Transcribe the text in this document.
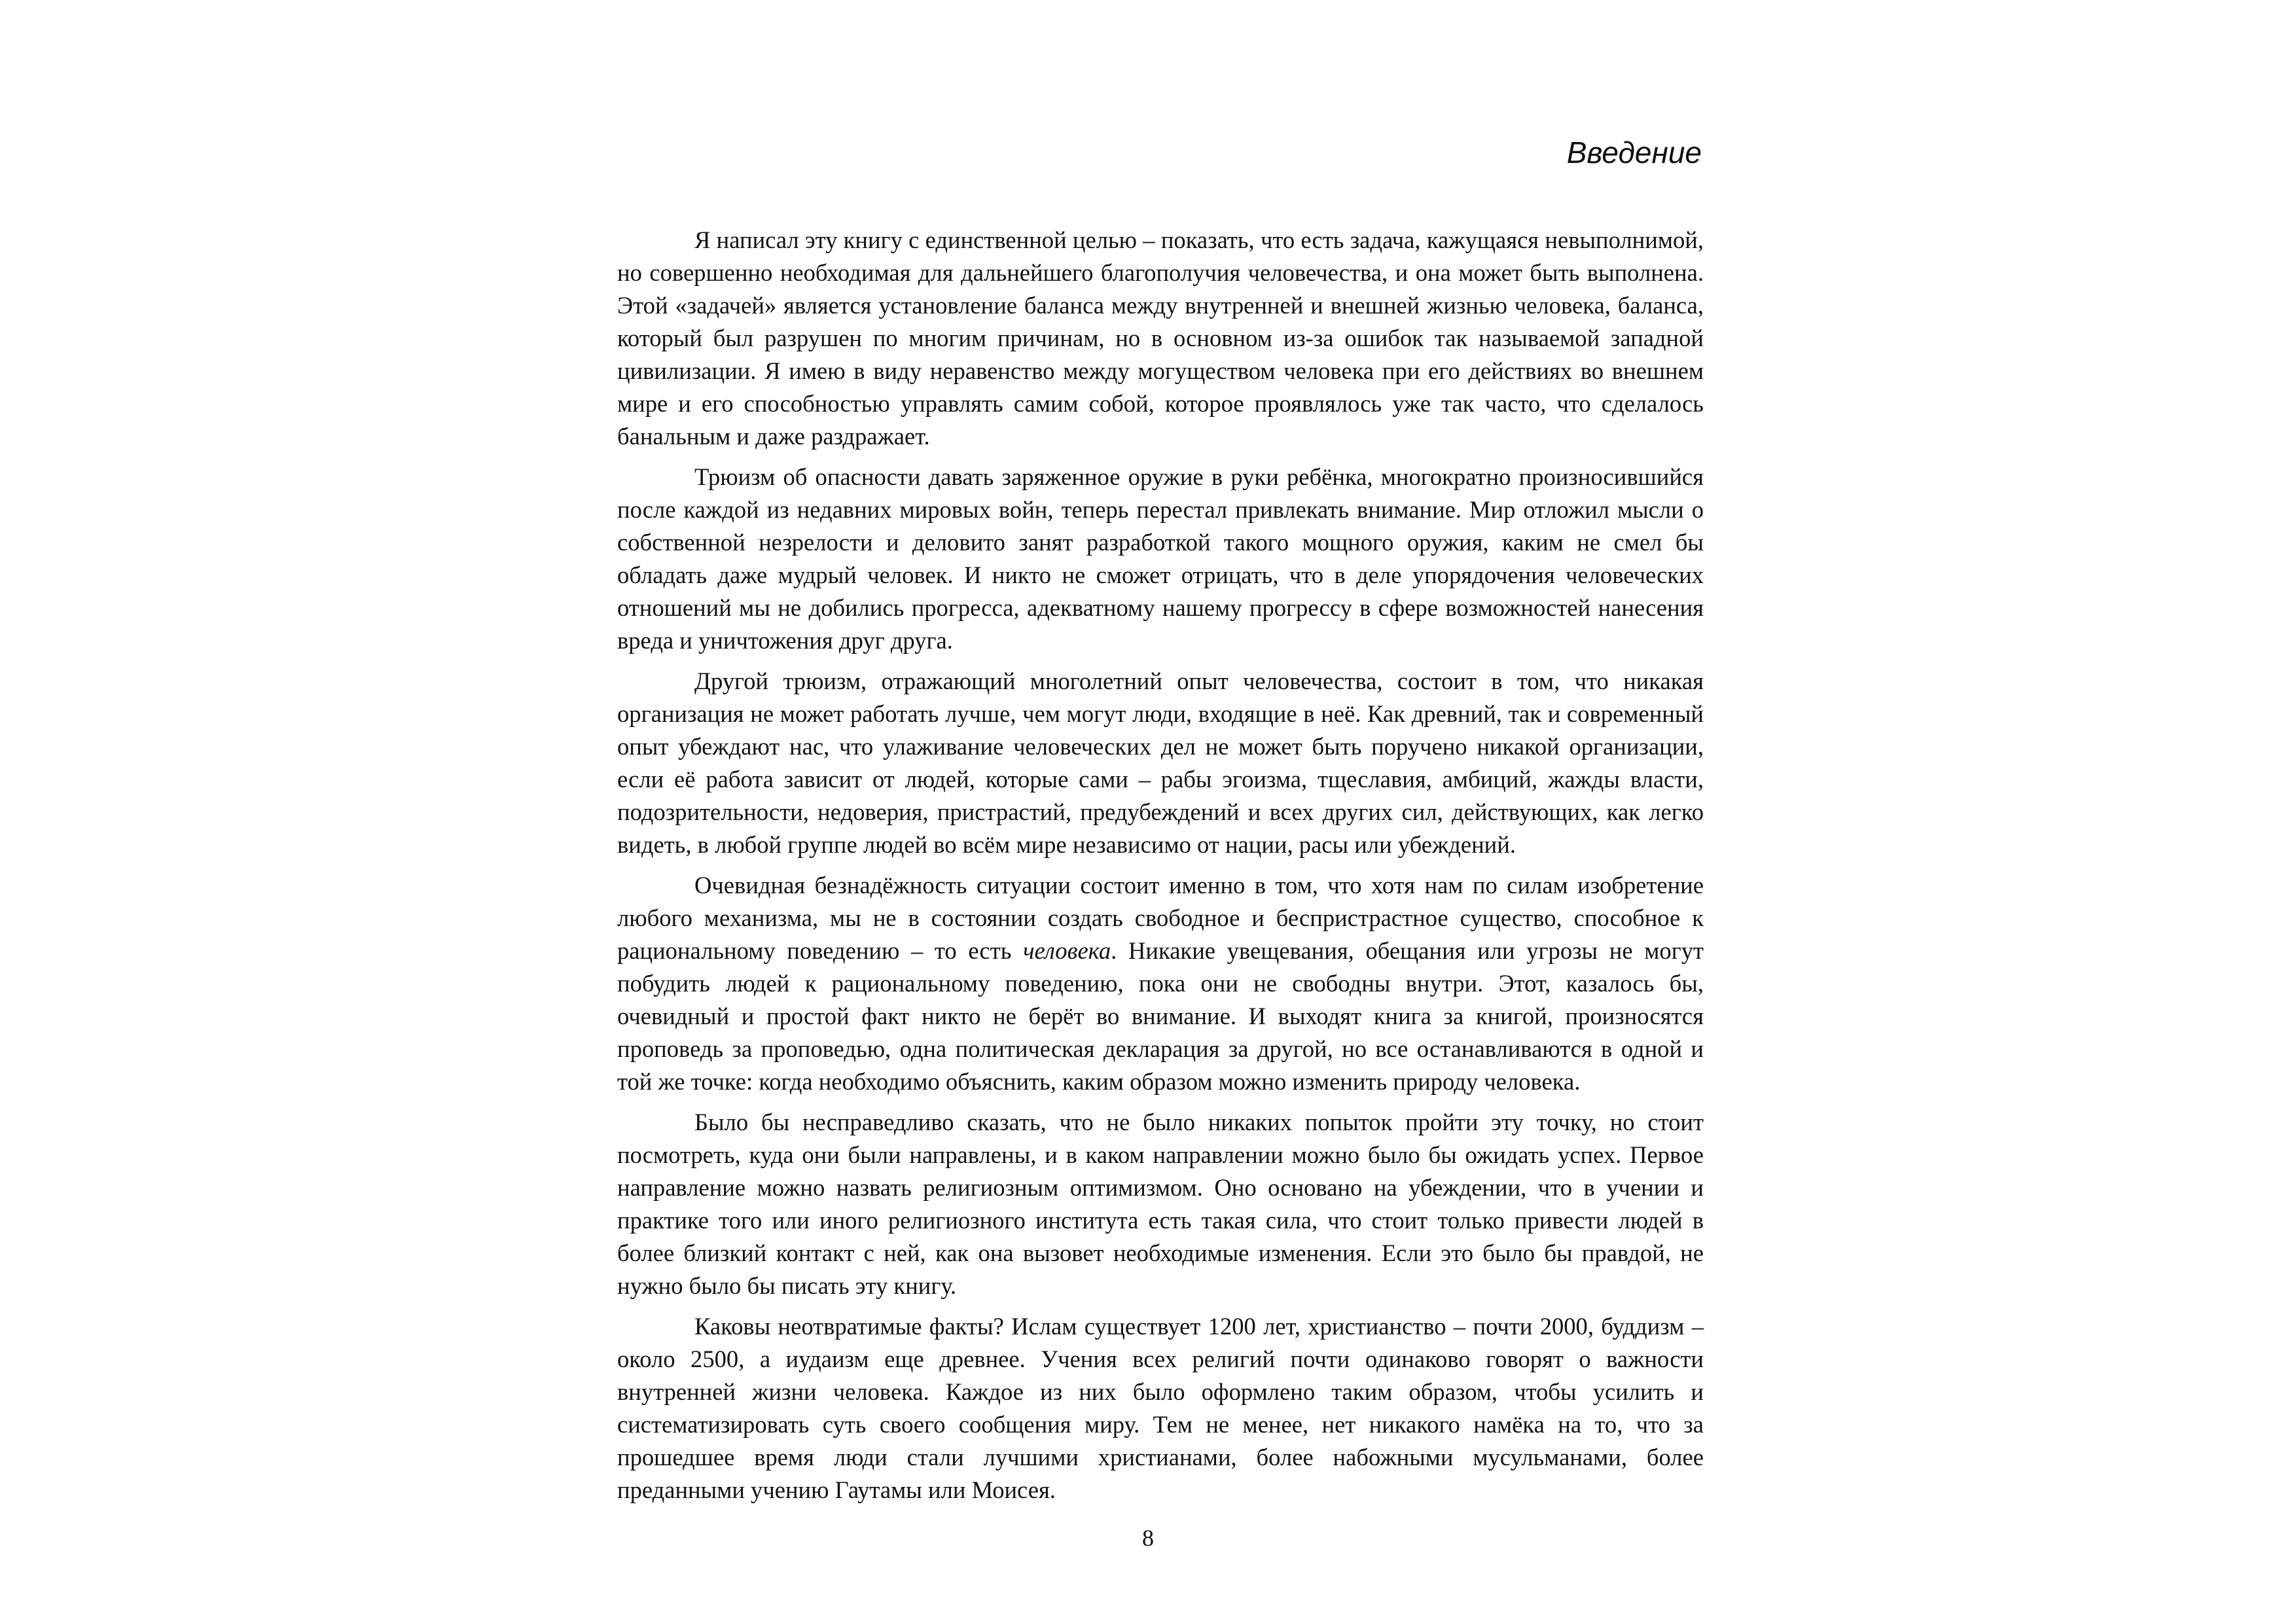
Введение

Я написал эту книгу с единственной целью – показать, что есть задача, кажущаяся невыполнимой, но совершенно необходимая для дальнейшего благополучия человечества, и она может быть выполнена. Этой «задачей» является установление баланса между внутренней и внешней жизнью человека, баланса, который был разрушен по многим причинам, но в основном из-за ошибок так называемой западной цивилизации. Я имею в виду неравенство между могуществом человека при его действиях во внешнем мире и его способностью управлять самим собой, которое проявлялось уже так часто, что сделалось банальным и даже раздражает.

Трюизм об опасности давать заряженное оружие в руки ребёнка, многократно произносившийся после каждой из недавних мировых войн, теперь перестал привлекать внимание. Мир отложил мысли о собственной незрелости и деловито занят разработкой такого мощного оружия, каким не смел бы обладать даже мудрый человек. И никто не сможет отрицать, что в деле упорядочения человеческих отношений мы не добились прогресса, адекватному нашему прогрессу в сфере возможностей нанесения вреда и уничтожения друг друга.

Другой трюизм, отражающий многолетний опыт человечества, состоит в том, что никакая организация не может работать лучше, чем могут люди, входящие в неё. Как древний, так и современный опыт убеждают нас, что улаживание человеческих дел не может быть поручено никакой организации, если её работа зависит от людей, которые сами – рабы эгоизма, тщеславия, амбиций, жажды власти, подозрительности, недоверия, пристрастий, предубеждений и всех других сил, действующих, как легко видеть, в любой группе людей во всём мире независимо от нации, расы или убеждений.

Очевидная безнадёжность ситуации состоит именно в том, что хотя нам по силам изобретение любого механизма, мы не в состоянии создать свободное и беспристрастное существо, способное к рациональному поведению – то есть человека. Никакие увещевания, обещания или угрозы не могут побудить людей к рациональному поведению, пока они не свободны внутри. Этот, казалось бы, очевидный и простой факт никто не берёт во внимание. И выходят книга за книгой, произносятся проповедь за проповедью, одна политическая декларация за другой, но все останавливаются в одной и той же точке: когда необходимо объяснить, каким образом можно изменить природу человека.

Было бы несправедливо сказать, что не было никаких попыток пройти эту точку, но стоит посмотреть, куда они были направлены, и в каком направлении можно было бы ожидать успех. Первое направление можно назвать религиозным оптимизмом. Оно основано на убеждении, что в учении и практике того или иного религиозного института есть такая сила, что стоит только привести людей в более близкий контакт с ней, как она вызовет необходимые изменения. Если это было бы правдой, не нужно было бы писать эту книгу.

Каковы неотвратимые факты? Ислам существует 1200 лет, христианство – почти 2000, буддизм – около 2500, а иудаизм еще древнее. Учения всех религий почти одинаково говорят о важности внутренней жизни человека. Каждое из них было оформлено таким образом, чтобы усилить и систематизировать суть своего сообщения миру. Тем не менее, нет никакого намёка на то, что за прошедшее время люди стали лучшими христианами, более набожными мусульманами, более преданными учению Гаутамы или Моисея.

8
